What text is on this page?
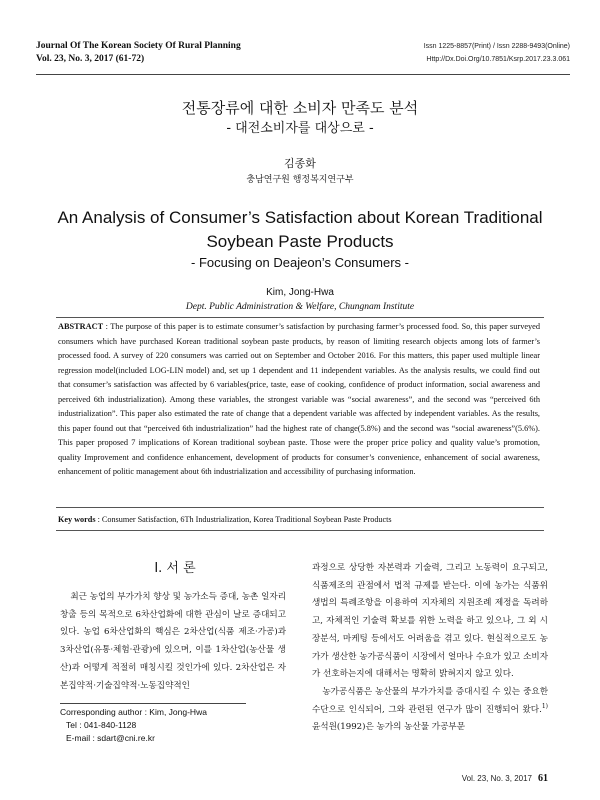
Journal Of The Korean Society Of Rural Planning
Vol. 23, No. 3, 2017 (61-72)
Issn 1225-8857(Print) / Issn 2288-9493(Online)
Http://Dx.Doi.Org/10.7851/Ksrp.2017.23.3.061
전통장류에 대한 소비자 만족도 분석
- 대전소비자를 대상으로 -
김종화
충남연구원 행정복지연구부
An Analysis of Consumer’s Satisfaction about Korean Traditional
Soybean Paste Products
- Focusing on Deajeon’s Consumers -
Kim, Jong-Hwa
Dept. Public Administration & Welfare, Chungnam Institute
ABSTRACT : The purpose of this paper is to estimate consumer’s satisfaction by purchasing farmer’s processed food. So, this paper surveyed consumers which have purchased Korean traditional soybean paste products, by reason of limiting research objects among lots of farmer’s processed food. A survey of 220 consumers was carried out on September and October 2016. For this matters, this paper used multiple linear regression model(included LOG-LIN model) and, set up 1 dependent and 11 independent variables. As the analysis results, we could find out that consumer’s satisfaction was affected by 6 variables(price, taste, ease of cooking, confidence of product information, social awareness and perceived 6th industrialization). Among these variables, the strongest variable was “social awareness”, and the second was “perceived 6th industrialization”. This paper also estimated the rate of change that a dependent variable was affected by independent variables. As the results, this paper found out that “perceived 6th industrialization” had the highest rate of change(5.8%) and the second was “social awareness”(5.6%). This paper proposed 7 implications of Korean traditional soybean paste. Those were the proper price policy and quality value’s promotion, quality Improvement and confidence enhancement, development of products for consumer’s convenience, enhancement of social awareness, enhancement of politic management about 6th industrialization and accessibility of purchasing information.
Key words : Consumer Satisfaction, 6Th Industrialization, Korea Traditional Soybean Paste Products
I. 서 론
최근 농업의 부가가치 향상 및 농가소득 증대, 농촌 일자리 창출 등의 목적으로 6차산업화에 대한 관심이 날로 증대되고 있다. 농업 6차산업화의 핵심은 2차산업(식품 제조·가공)과 3차산업(유통·체험·관광)에 있으며, 이를 1차산업(농산물 생산)과 어떻게 적절히 매칭시킬 것인가에 있다. 2차산업은 자본집약적·기술집약적·노동집약적인

과정으로 상당한 자본력과 기술력, 그리고 노동력이 요구되고, 식품제조의 관점에서 법적 규제를 받는다. 이에 농가는 식품위생법의 특례조항을 이용하여 지자체의 지원조례 제정을 독려하고, 자체적인 기술력 확보를 위한 노력을 하고 있으나, 그 외 시장분석, 마케팅 등에서도 어려움을 겪고 있다. 현실적으로도 농가가 생산한 농가공식품이 시장에서 얼마나 수요가 있고 소비자가 선호하는지에 대해서는 명확히 밝혀지지 않고 있다.

농가공식품은 농산물의 부가가치를 증대시킬 수 있는 중요한 수단으로 인식되어, 그와 관련된 연구가 많이 진행되어 왔다.$^{1)}$ 윤석원(1992)은 농가의 농산물 가공부문

Corresponding author : Kim, Jong-Hwa
Tel : 041-840-1128
E-mail : sdart@cni.re.kr
Vol. 23, No. 3, 2017 61
